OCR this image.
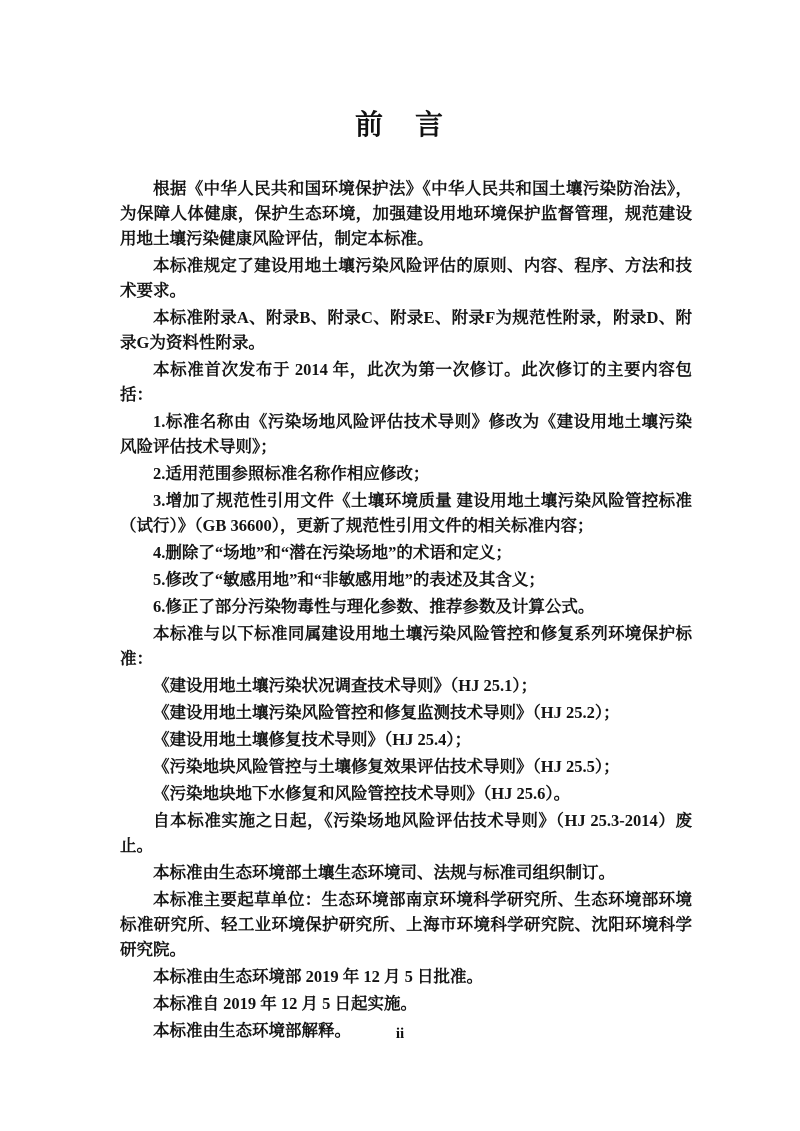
前　言

根据《中华人民共和国环境保护法》《中华人民共和国土壤污染防治法》，为保障人体健康，保护生态环境，加强建设用地环境保护监督管理，规范建设用地土壤污染健康风险评估，制定本标准。

本标准规定了建设用地土壤污染风险评估的原则、内容、程序、方法和技术要求。

本标准附录A、附录B、附录C、附录E、附录F为规范性附录，附录D、附录G为资料性附录。

本标准首次发布于 2014 年，此次为第一次修订。此次修订的主要内容包括：

1.标准名称由《污染场地风险评估技术导则》修改为《建设用地土壤污染风险评估技术导则》；

2.适用范围参照标准名称作相应修改；

3.增加了规范性引用文件《土壤环境质量 建设用地土壤污染风险管控标准（试行）》（GB 36600），更新了规范性引用文件的相关标准内容；

4.删除了“场地”和“潜在污染场地”的术语和定义；

5.修改了“敏感用地”和“非敏感用地”的表述及其含义；

6.修正了部分污染物毒性与理化参数、推荐参数及计算公式。

本标准与以下标准同属建设用地土壤污染风险管控和修复系列环境保护标准：

《建设用地土壤污染状况调查技术导则》（HJ 25.1）；

《建设用地土壤污染风险管控和修复监测技术导则》（HJ 25.2）；

《建设用地土壤修复技术导则》（HJ 25.4）；

《污染地块风险管控与土壤修复效果评估技术导则》（HJ 25.5）；

《污染地块地下水修复和风险管控技术导则》（HJ 25.6）。

自本标准实施之日起，《污染场地风险评估技术导则》（HJ 25.3-2014）废止。

本标准由生态环境部土壤生态环境司、法规与标准司组织制订。

本标准主要起草单位：生态环境部南京环境科学研究所、生态环境部环境标准研究所、轻工业环境保护研究所、上海市环境科学研究院、沈阳环境科学研究院。

本标准由生态环境部 2019 年 12 月 5 日批准。

本标准自 2019 年 12 月 5 日起实施。

本标准由生态环境部解释。	ii
